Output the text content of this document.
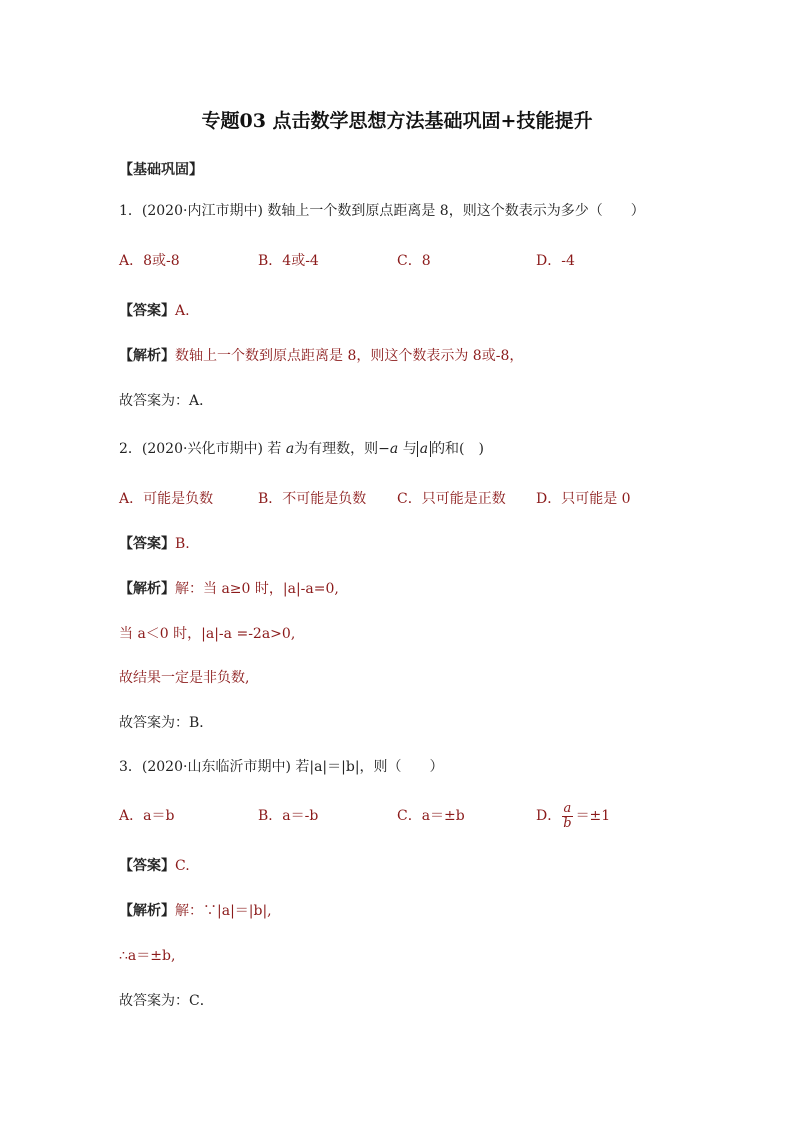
专题03 点击数学思想方法基础巩固+技能提升
【基础巩固】
1．(2020·内江市期中) 数轴上一个数到原点距离是 8，则这个数表示为多少（　　）
A．8或-8	B．4或-4	C．8	D．-4
【答案】A.
【解析】数轴上一个数到原点距离是 8，则这个数表示为 8或-8，
故答案为：A．
2．(2020·兴化市期中) 若 a为有理数，则−a 与 a 的和(　)
A．可能是负数	B．不可能是负数 C．只可能是正数 D．只可能是 0
【答案】B.
【解析】解：当 a≥0 时，|a|-a=0,
当 a＜0 时，|a|-a =-2a>0,
故结果一定是非负数,
故答案为：B．
3．(2020·山东临沂市期中) 若|a|＝|b|，则（　　）
A．a＝b	B．a＝-b	C．a＝±b	D． $\frac{a}{b} =\pm 1$
【答案】C.
【解析】解：∵|a|＝|b|,
∴a＝±b,
故答案为：C．
